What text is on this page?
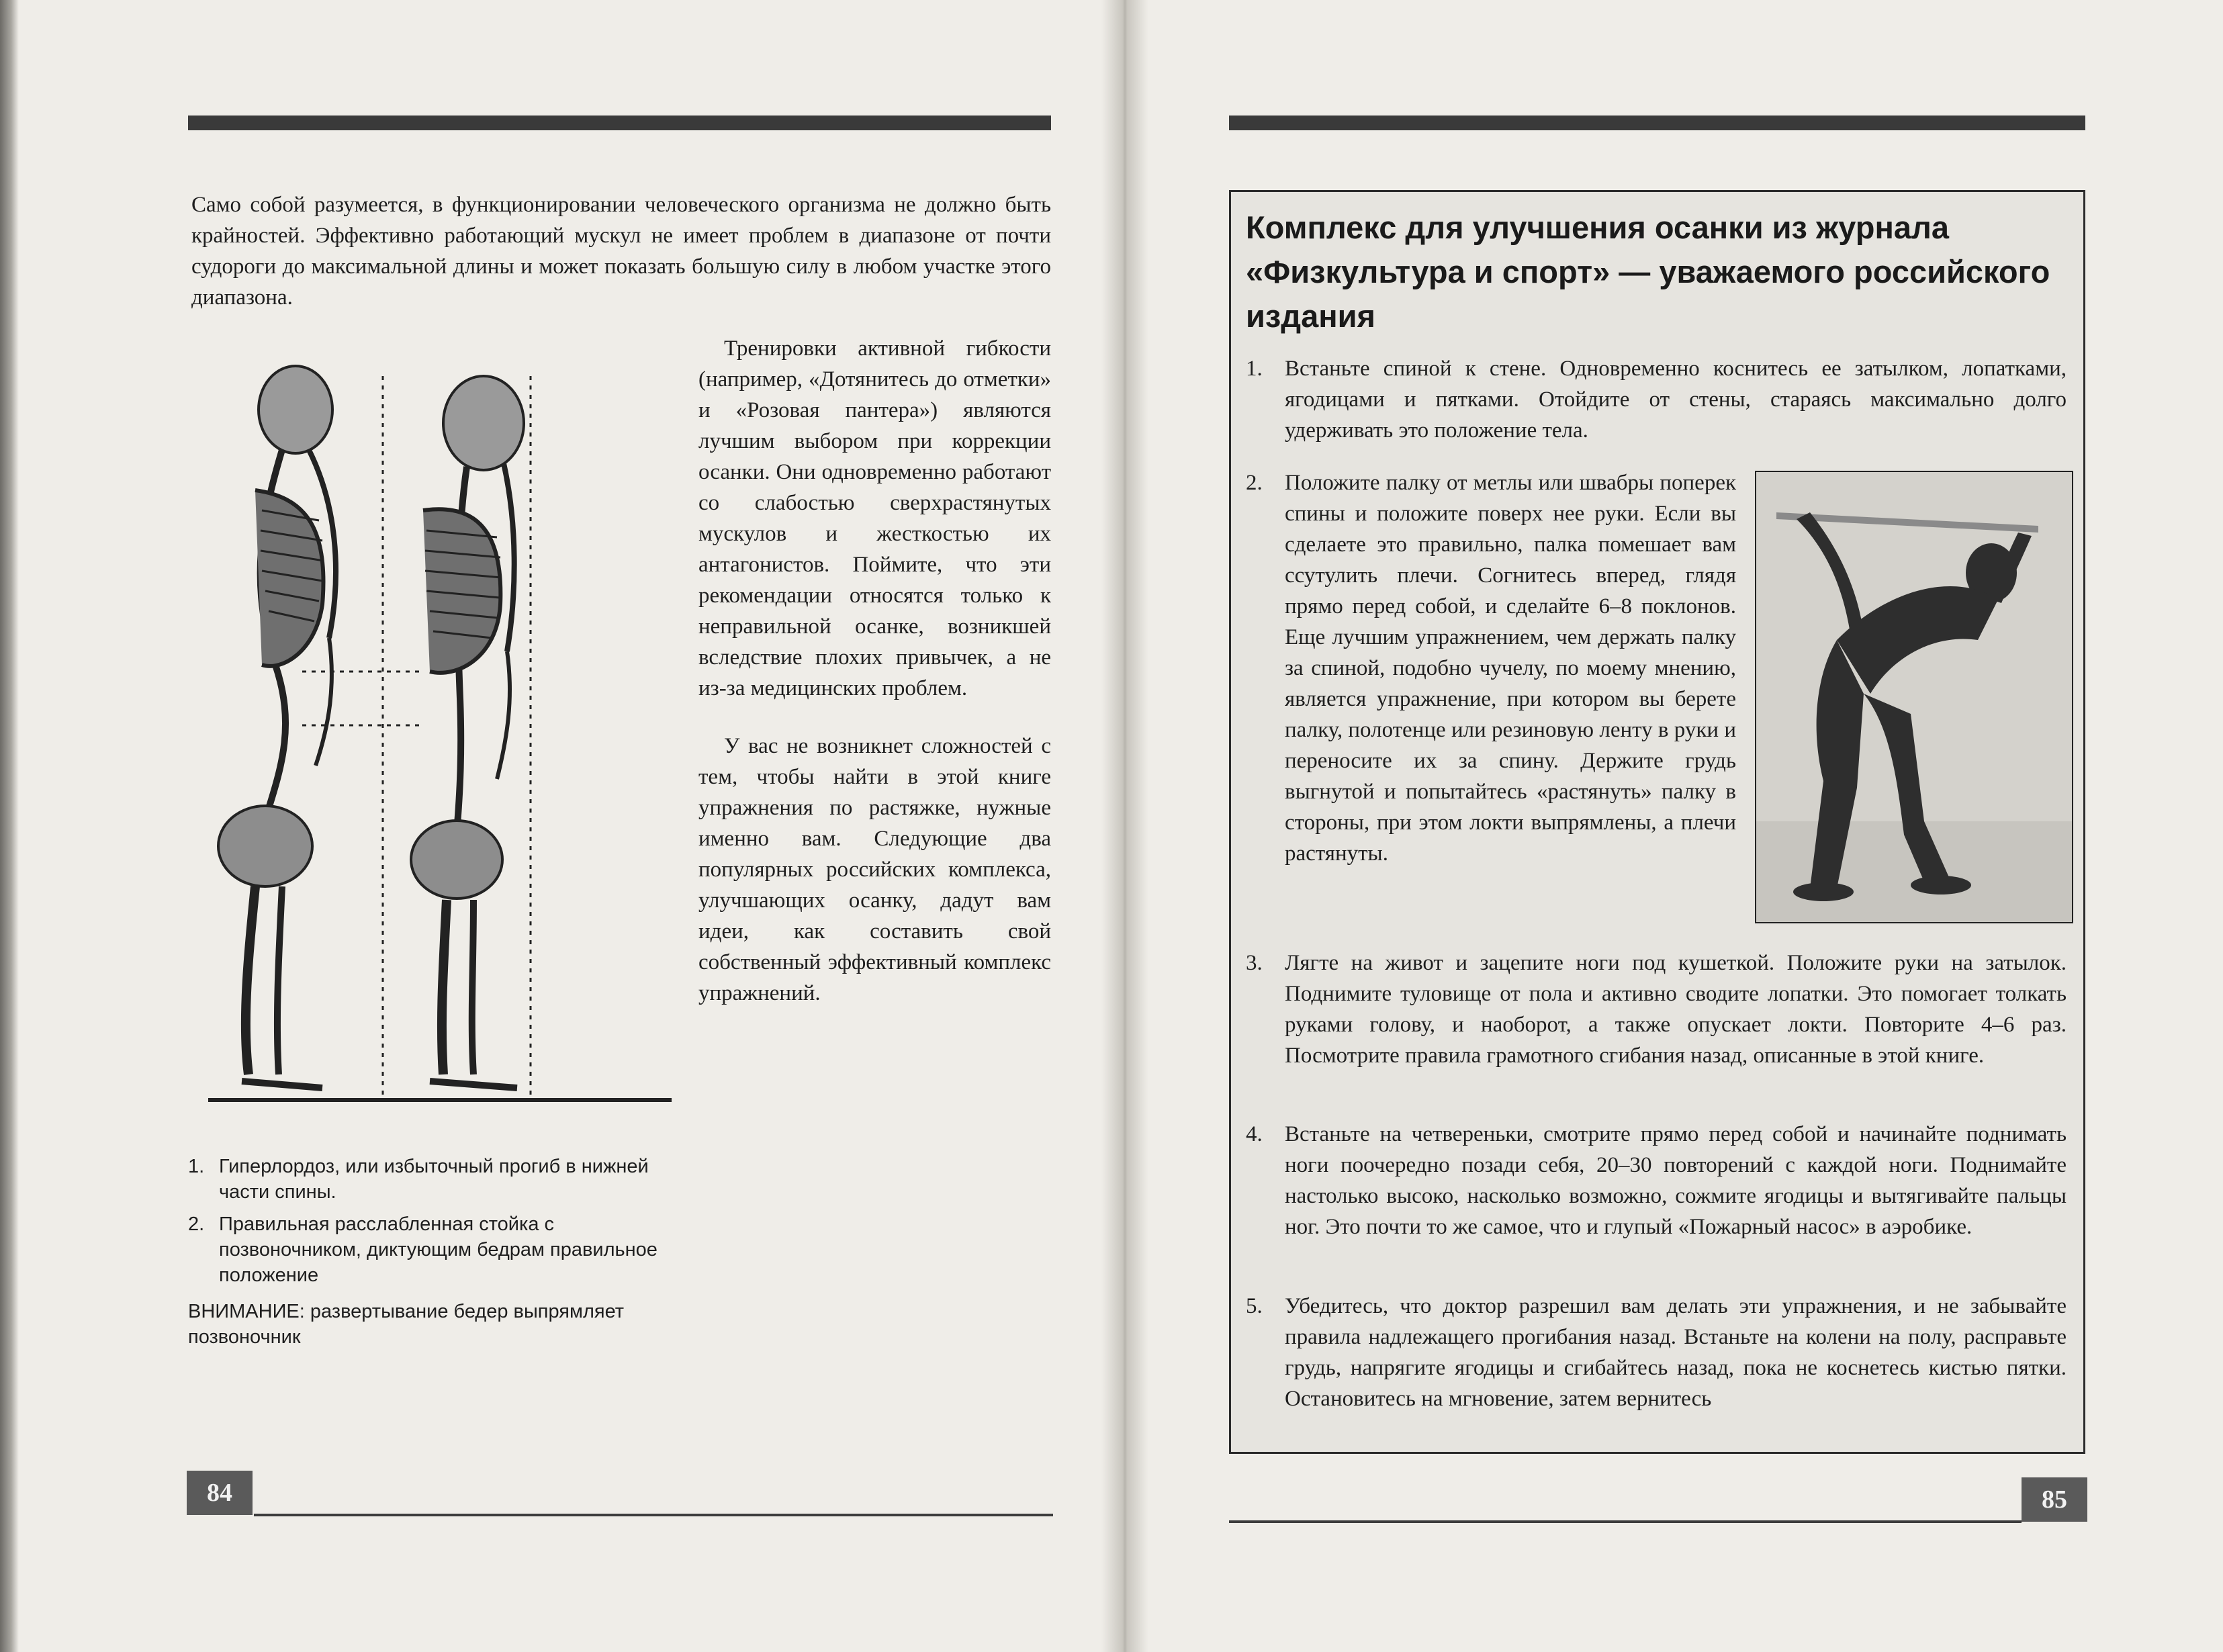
Само собой разумеется, в функционировании человеческого организма не должно быть крайностей. Эффективно работающий мускул не имеет проблем в диапазоне от почти судороги до максимальной длины и может показать большую силу в любом участке этого диапазона.

Тренировки активной гибкости (например, «Дотянитесь до отметки» и «Розовая пантера») являются лучшим выбором при коррекции осанки. Они одновременно работают со слабостью сверхрастянутых мускулов и жесткостью их антагонистов. Поймите, что эти рекомендации относятся только к неправильной осанке, возникшей вследствие плохих привычек, а не из-за медицинских проблем.

У вас не возникнет сложностей с тем, чтобы найти в этой книге упражнения по растяжке, нужные именно вам. Следующие два популярных российских комплекса, улучшающих осанку, дадут вам идеи, как составить свой собственный эффективный комплекс упражнений.

1. Гиперлордоз, или избыточный прогиб в нижней части спины.
2. Правильная расслабленная стойка с позвоночником, диктующим бедрам правильное положение
ВНИМАНИЕ: развертывание бедер выпрямляет позвоночник
84
Комплекс для улучшения осанки из журнала «Физкультура и спорт» — уважаемого российского издания
1. Встаньте спиной к стене. Одновременно коснитесь ее затылком, лопатками, ягодицами и пятками. Отойдите от стены, стараясь максимально долго удерживать это положение тела.
2. Положите палку от метлы или швабры поперек спины и положите поверх нее руки. Если вы сделаете это правильно, палка помешает вам ссутулить плечи. Согнитесь вперед, глядя прямо перед собой, и сделайте 6–8 поклонов. Еще лучшим упражнением, чем держать палку за спиной, подобно чучелу, по моему мнению, является упражнение, при котором вы берете палку, полотенце или резиновую ленту в руки и переносите их за спину. Держите грудь выгнутой и попытайтесь «растянуть» палку в стороны, при этом локти выпрямлены, а плечи растянуты.
3. Лягте на живот и зацепите ноги под кушеткой. Положите руки на затылок. Поднимите туловище от пола и активно сводите лопатки. Это помогает толкать руками голову, и наоборот, а также опускает локти. Повторите 4–6 раз. Посмотрите правила грамотного сгибания назад, описанные в этой книге.
4. Встаньте на четвереньки, смотрите прямо перед собой и начинайте поднимать ноги поочередно позади себя, 20–30 повторений с каждой ноги. Поднимайте настолько высоко, насколько возможно, сожмите ягодицы и вытягивайте пальцы ног. Это почти то же самое, что и глупый «Пожарный насос» в аэробике.
5. Убедитесь, что доктор разрешил вам делать эти упражнения, и не забывайте правила надлежащего прогибания назад. Встаньте на колени на полу, расправьте грудь, напрягите ягодицы и сгибайтесь назад, пока не коснетесь кистью пятки. Остановитесь на мгновение, затем вернитесь
85
